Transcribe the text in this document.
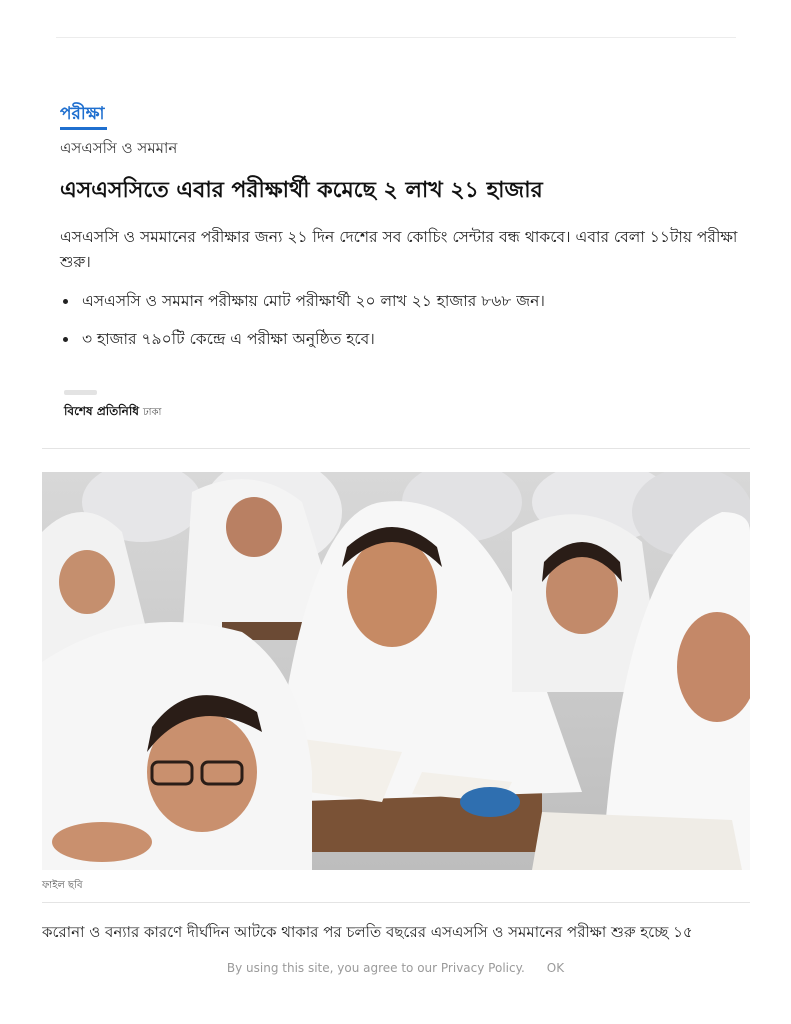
পরীক্ষা
এসএসসি ও সমমান
এসএসসিতে এবার পরীক্ষার্থী কমেছে ২ লাখ ২১ হাজার

এসএসসি ও সমমানের পরীক্ষার জন্য ২১ দিন দেশের সব কোচিং সেন্টার বন্ধ থাকবে। এবার বেলা ১১টায় পরীক্ষা শুরু।

এসএসসি ও সমমান পরীক্ষায় মোট পরীক্ষার্থী ২০ লাখ ২১ হাজার ৮৬৮ জন।
৩ হাজার ৭৯০টি কেন্দ্রে এ পরীক্ষা অনুষ্ঠিত হবে।
বিশেষ প্রতিনিধি ঢাকা
ফাইল ছবি
করোনা ও বন্যার কারণে দীর্ঘদিন আটকে থাকার পর চলতি বছরের এসএসসি ও সমমানের পরীক্ষা শুরু হচ্ছে ১৫
By using this site, you agree to our Privacy Policy. OK
